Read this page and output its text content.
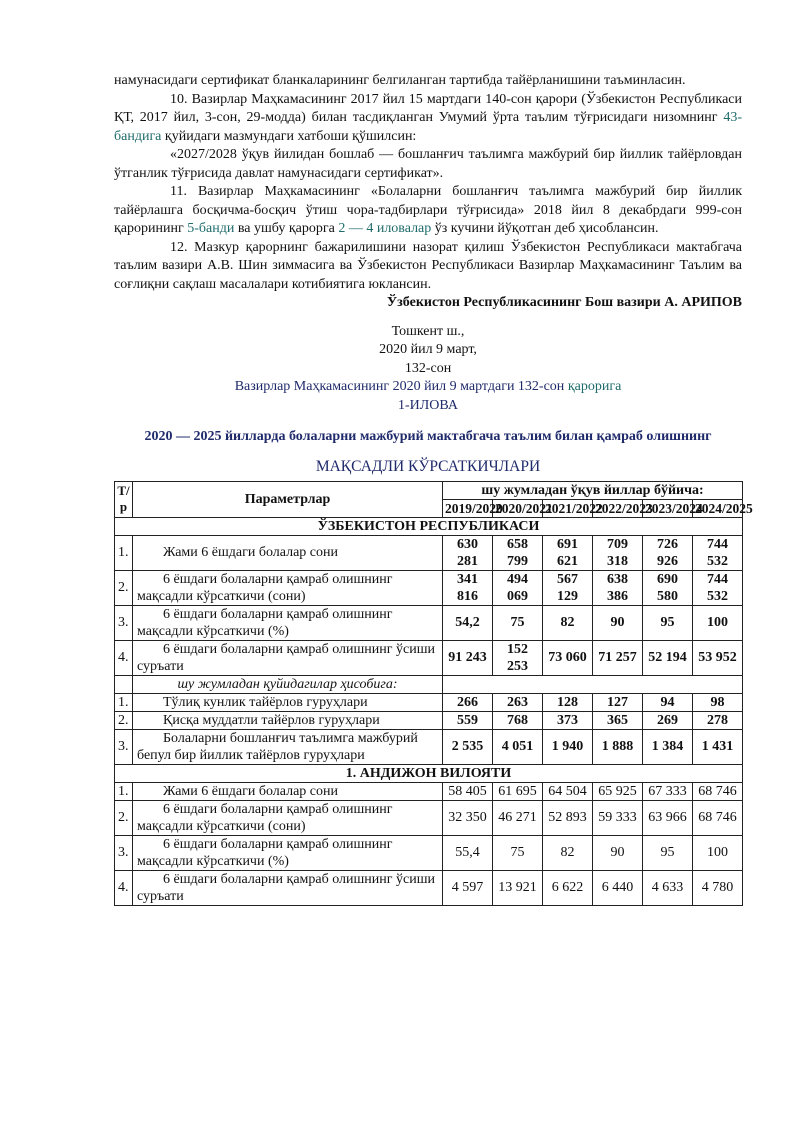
намунасидаги сертификат бланкаларининг белгиланган тартибда тайёрланишини таъминласин.

10. Вазирлар Маҳкамасининг 2017 йил 15 мартдаги 140-сон қарори (Ўзбекистон Республикаси ҚТ, 2017 йил, 3-сон, 29-модда) билан тасдиқланган Умумий ўрта таълим тўғрисидаги низомнинг 43-бандига қуйидаги мазмундаги хатбоши қўшилсин:

«2027/2028 ўқув йилидан бошлаб — бошланғич таълимга мажбурий бир йиллик тайёрловдан ўтганлик тўғрисида давлат намунасидаги сертификат».

11. Вазирлар Маҳкамасининг «Болаларни бошланғич таълимга мажбурий бир йиллик тайёрлашга босқичма-босқич ўтиш чора-тадбирлари тўғрисида» 2018 йил 8 декабрдаги 999-сон қарорининг 5-банди ва ушбу қарорга 2 — 4 иловалар ўз кучини йўқотган деб ҳисоблансин.

12. Мазкур қарорнинг бажарилишини назорат қилиш Ўзбекистон Республикаси мактабгача таълим вазири А.В. Шин зиммасига ва Ўзбекистон Республикаси Вазирлар Маҳкамасининг Таълим ва соғлиқни сақлаш масалалари котибиятига юклансин.

Ўзбекистон Республикасининг Бош вазири А. АРИПОВ

Тошкент ш.,

2020 йил 9 март,

132-сон

Вазирлар Маҳкамасининг 2020 йил 9 мартдаги 132-сон қарорига

1-ИЛОВА

2020 — 2025 йилларда болаларни мажбурий мактабгача таълим билан қамраб олишнинг

МАҚСАДЛИ КЎРСАТКИЧЛАРИ

Т/р	Параметрлар	шу жумладан ўқув йиллар бўйича:					
		2019/2020	2020/2021	2021/2022	2022/2023	2023/2024	2024/2025
ЎЗБЕКИСТОН РЕСПУБЛИКАСИ							
1.	Жами 6 ёшдаги болалар сони	630 281	658 799	691 621	709 318	726 926	744 532
2.	6 ёшдаги болаларни қамраб олишнинг мақсадли кўрсаткичи (сони)	341 816	494 069	567 129	638 386	690 580	744 532
3.	6 ёшдаги болаларни қамраб олишнинг мақсадли кўрсаткичи (%)	54,2	75	82	90	95	100
4.	6 ёшдаги болаларни қамраб олишнинг ўсиши суръати	91 243	152 253	73 060	71 257	52 194	53 952
	шу жумладан қуйидагилар ҳисобига:						
1.	Тўлиқ кунлик тайёрлов гуруҳлари	266	263	128	127	94	98
2.	Қисқа муддатли тайёрлов гуруҳлари	559	768	373	365	269	278
3.	Болаларни бошланғич таълимга мажбурий бепул бир йиллик тайёрлов гуруҳлари	2 535	4 051	1 940	1 888	1 384	1 431
1. АНДИЖОН ВИЛОЯТИ							
1.	Жами 6 ёшдаги болалар сони	58 405	61 695	64 504	65 925	67 333	68 746
2.	6 ёшдаги болаларни қамраб олишнинг мақсадли кўрсаткичи (сони)	32 350	46 271	52 893	59 333	63 966	68 746
3.	6 ёшдаги болаларни қамраб олишнинг мақсадли кўрсаткичи (%)	55,4	75	82	90	95	100
4.	6 ёшдаги болаларни қамраб олишнинг ўсиши суръати	4 597	13 921	6 622	6 440	4 633	4 780
